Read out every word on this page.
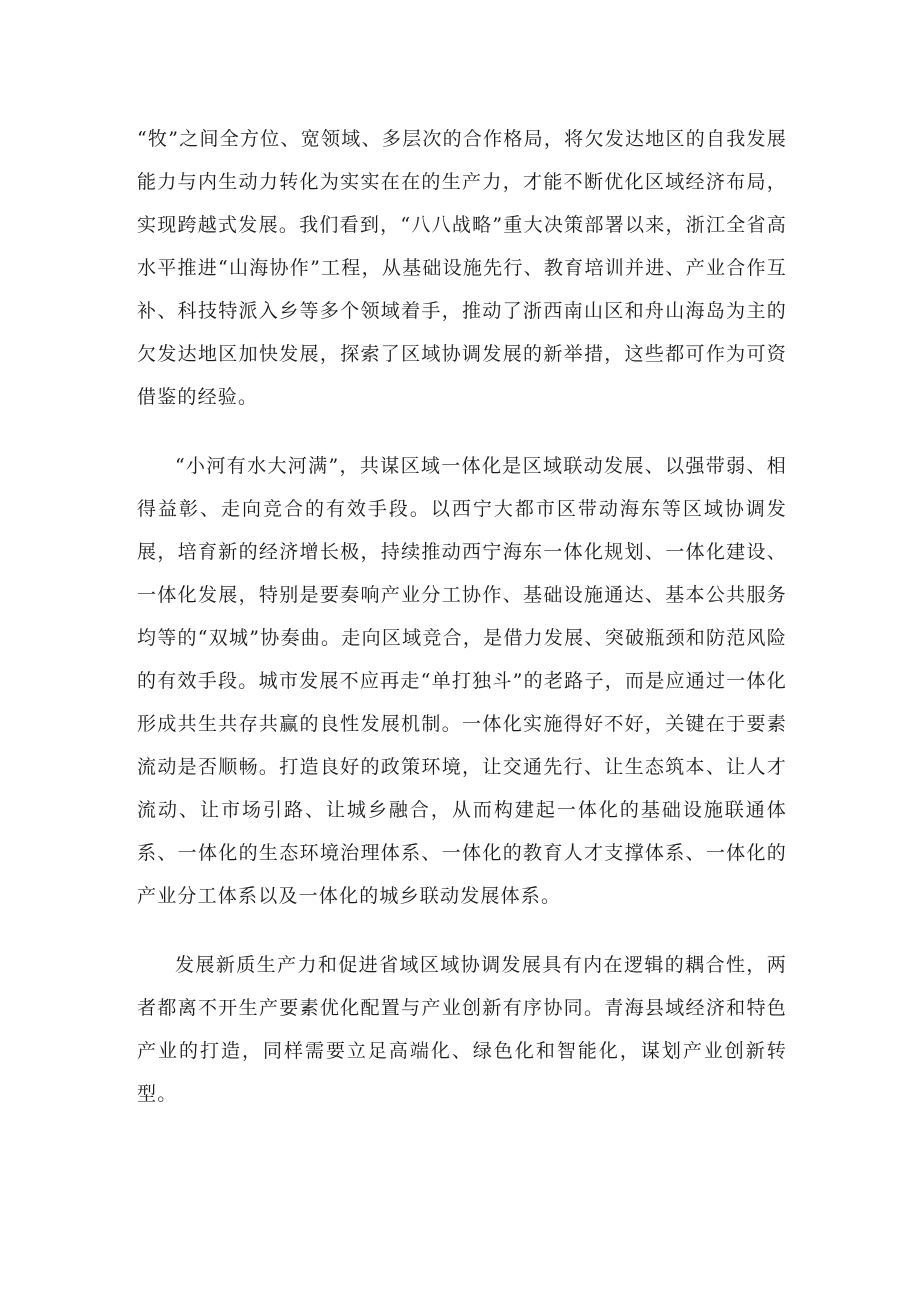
“牧”之间全方位、宽领域、多层次的合作格局，将欠发达地区的自我发展能力与内生动力转化为实实在在的生产力，才能不断优化区域经济布局，实现跨越式发展。我们看到，“八八战略”重大决策部署以来，浙江全省高水平推进“山海协作”工程，从基础设施先行、教育培训并进、产业合作互补、科技特派入乡等多个领域着手，推动了浙西南山区和舟山海岛为主的欠发达地区加快发展，探索了区域协调发展的新举措，这些都可作为可资借鉴的经验。

“小河有水大河满”，共谋区域一体化是区域联动发展、以强带弱、相得益彰、走向竞合的有效手段。以西宁大都市区带动海东等区域协调发展，培育新的经济增长极，持续推动西宁海东一体化规划、一体化建设、一体化发展，特别是要奏响产业分工协作、基础设施通达、基本公共服务均等的“双城”协奏曲。走向区域竞合，是借力发展、突破瓶颈和防范风险的有效手段。城市发展不应再走“单打独斗”的老路子，而是应通过一体化形成共生共存共赢的良性发展机制。一体化实施得好不好，关键在于要素流动是否顺畅。打造良好的政策环境，让交通先行、让生态筑本、让人才流动、让市场引路、让城乡融合，从而构建起一体化的基础设施联通体系、一体化的生态环境治理体系、一体化的教育人才支撑体系、一体化的产业分工体系以及一体化的城乡联动发展体系。

发展新质生产力和促进省域区域协调发展具有内在逻辑的耦合性，两者都离不开生产要素优化配置与产业创新有序协同。青海县域经济和特色产业的打造，同样需要立足高端化、绿色化和智能化，谋划产业创新转型。
